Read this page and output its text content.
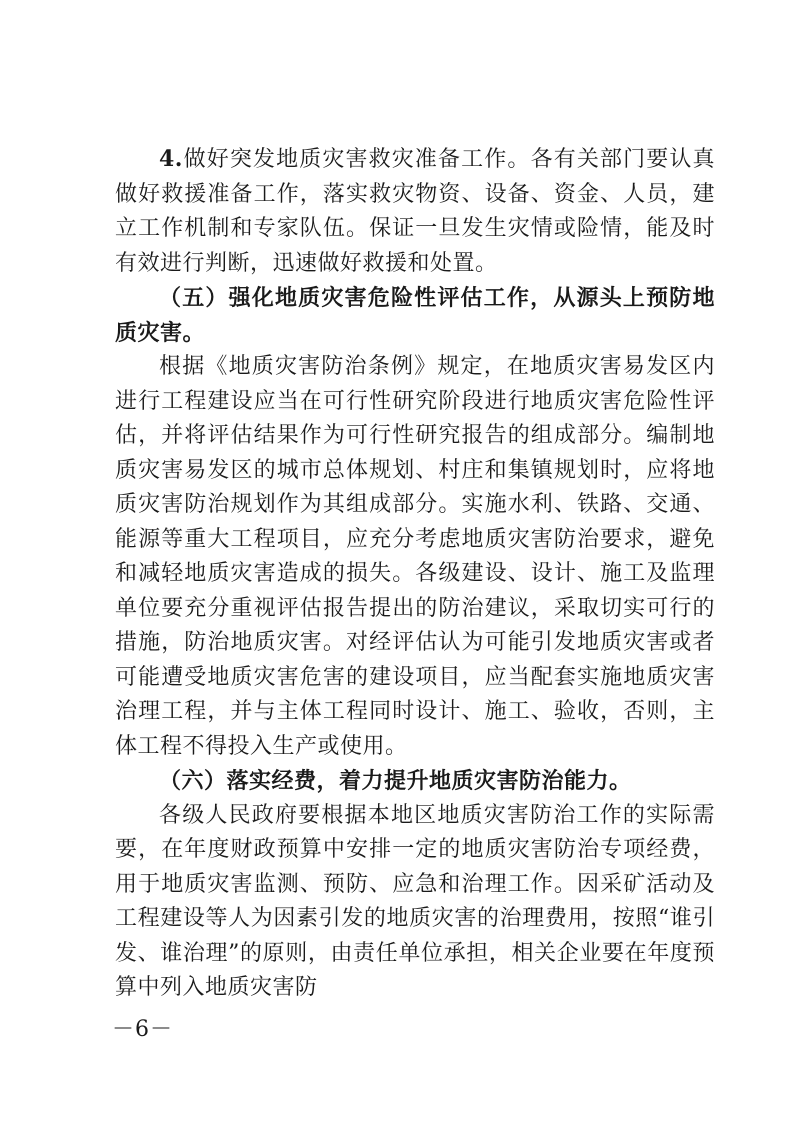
4.做好突发地质灾害救灾准备工作。各有关部门要认真做好救援准备工作，落实救灾物资、设备、资金、人员，建立工作机制和专家队伍。保证一旦发生灾情或险情，能及时有效进行判断，迅速做好救援和处置。

（五）强化地质灾害危险性评估工作，从源头上预防地质灾害。

根据《地质灾害防治条例》规定，在地质灾害易发区内进行工程建设应当在可行性研究阶段进行地质灾害危险性评估，并将评估结果作为可行性研究报告的组成部分。编制地质灾害易发区的城市总体规划、村庄和集镇规划时，应将地质灾害防治规划作为其组成部分。实施水利、铁路、交通、能源等重大工程项目，应充分考虑地质灾害防治要求，避免和减轻地质灾害造成的损失。各级建设、设计、施工及监理单位要充分重视评估报告提出的防治建议，采取切实可行的措施，防治地质灾害。对经评估认为可能引发地质灾害或者可能遭受地质灾害危害的建设项目，应当配套实施地质灾害治理工程，并与主体工程同时设计、施工、验收，否则，主体工程不得投入生产或使用。

（六）落实经费，着力提升地质灾害防治能力。

各级人民政府要根据本地区地质灾害防治工作的实际需要，在年度财政预算中安排一定的地质灾害防治专项经费，用于地质灾害监测、预防、应急和治理工作。因采矿活动及工程建设等人为因素引发的地质灾害的治理费用，按照“谁引发、谁治理”的原则，由责任单位承担，相关企业要在年度预算中列入地质灾害防

－6－
